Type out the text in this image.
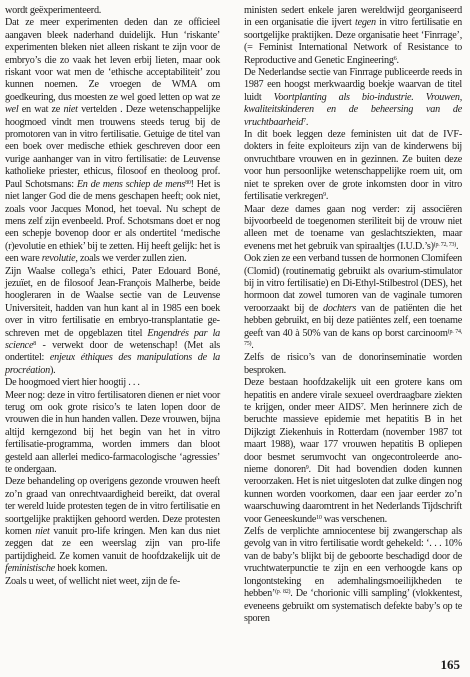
wordt geëxperimenteerd.

Dat ze meer experimenten deden dan ze officieel aangaven bleek naderhand duidelijk. Hun ‘riskante’ experimenten bleken niet alleen riskant te zijn voor de embryo’s die zo vaak het leven erbij lieten, maar ook riskant voor wat men de ‘ethische acceptabiliteit’ zou kunnen noemen. Ze vroegen de WMA om goedkeuring, dus moesten ze wel goed letten op wat ze wel en wat ze niet vertelden . Deze wetenschappelijke hoogmoed vindt men trouwens steeds terug bij de promotoren van in vitro fertilisatie. Getuige de titel van een boek over medische ethiek geschreven door een vurige aanhanger van in vitro fertilisatie: de Leuvense katholieke priester, ethicus, filosoof en theoloog prof. Paul Schotsmans: En de mens schiep de mens$^{80}$! Het is niet langer God die de mens geschapen heeft; ook niet, zoals voor Jacques Monod, het toeval. Nu schept de mens zelf zijn evenbeeld. Prof. Schotsmans doet er nog een schepje bovenop door er als ondertitel ‘medische (r)evolutie en ethiek’ bij te zetten. Hij heeft gelijk: het is een ware revolutie, zoals we verder zullen zien.

Zijn Waalse collega’s ethici, Pater Edouard Boné, jezuïet, en de filosoof Jean-François Malherbe, beide hoogleraren in de Waalse sectie van de Leuvense Universiteit, hadden van hun kant al in 1985 een boek over in vitro fertilisatie en embryo-transplantatie geschreven met de opgeblazen titel Engendrés par la science$^8$ - verwekt door de wetenschap! (Met als ondertitel: enjeux éthiques des manipulations de la procréation).

De hoogmoed viert hier hoogtij . . .

Meer nog: deze in vitro fertilisatoren dienen er niet voor terug om ook grote risico’s te laten lopen door de vrouwen die in hun handen vallen. Deze vrouwen, bijna altijd kerngezond bij het begin van het in vitro fertilisatie-programma, worden immers dan bloot gesteld aan allerlei medico-farmacologische ‘agressies’ te ondergaan.

Deze behandeling op overigens gezonde vrouwen heeft zo’n graad van onrechtvaardigheid bereikt, dat overal ter wereld luide protesten tegen de in vitro fertilisatie en soortgelijke praktijken gehoord werden. Deze protesten komen niet vanuit pro-life kringen. Men kan dus niet zeggen dat ze een weerslag zijn van pro-life partijdigheid. Ze komen vanuit de hoofdzakelijk uit de feministische hoek komen.

Zoals u weet, of wellicht niet weet, zijn de fe-

ministen sedert enkele jaren wereldwijd georganiseerd in een organisatie die ijvert tegen in vitro fertilisatie en soortgelijke praktijken. Deze organisatie heet ‘Finrrage’, (= Feminist International Network of Resistance to Reproductive and Genetic Engineering$^6$.

De Nederlandse sectie van Finrrage publiceerde reeds in 1987 een hoogst merkwaardig boekje waarvan de titel luidt Voortplanting als bio-industrie. Vrouwen, kwaliteitskinderen en de beheersing van de vruchtbaarheid$^7$.

In dit boek leggen deze feministen uit dat de IVF-dokters in feite exploiteurs zijn van de kinderwens bij onvruchtbare vrouwen en in gezinnen. Ze buiten deze voor hun persoonlijke wetenschappelijke roem uit, om niet te spreken over de grote inkomsten door in vitro fertilisatie verkregen$^9$.

Maar deze dames gaan nog verder: zij associëren bijvoorbeeld de toegenomen steriliteit bij de vrouw niet alleen met de toename van geslachtsziekten, maar evenens met het gebruik van spiraaltjes (I.U.D.’s)$^{(p. 72, 73)}$.

Ook zien ze een verband tussen de hormonen Clomifeen (Clomid) (routinematig gebruikt als ovarium-stimulator bij in vitro fertilisatie) en Di-Ethyl-Stilbestrol (DES), het hormoon dat zowel tumoren van de vaginale tumoren veroorzaakt bij de dochters van de patiënten die het hebben gebruikt, en bij deze patiëntes zelf, een toename geeft van 40 à 50% van de kans op borst carcinoom$^{(p. 74, 75)}$.

Zelfs de risico’s van de donorinseminatie worden besproken.

Deze bestaan hoofdzakelijk uit een grotere kans om hepatitis en andere virale sexueel overdraagbare ziekten te krijgen, onder meer AIDS$^7$. Men herinnere zich de beruchte massieve epidemie met hepatitis B in het Dijkzigt Ziekenhuis in Rotterdam (november 1987 tot maart 1988), waar 177 vrouwen hepatitis B opliepen door besmet serumvocht van ongecontroleerde anonieme donoren$^9$. Dit had bovendien doden kunnen veroorzaken. Het is niet uitgesloten dat zulke dingen nog kunnen worden voorkomen, daar een jaar eerder zo’n waarschuwing daaromtrent in het Nederlands Tijdschrift voor Geneeskunde$^{10}$ was verschenen.

Zelfs de verplichte amniocentese bij zwangerschap als gevolg van in vitro fertilisatie wordt gehekeld: ‘. . . 10% van de baby’s blijkt bij de geboorte beschadigd door de vruchtwaterpunctie te zijn en een verhoogde kans op longontsteking en ademhalingsmoeilijkheden te hebben’$^{(p. 82)}$. De ‘chorionic villi sampling’ (vlokkentest, eveneens gebruikt om systematisch defekte baby’s op te sporen

165
